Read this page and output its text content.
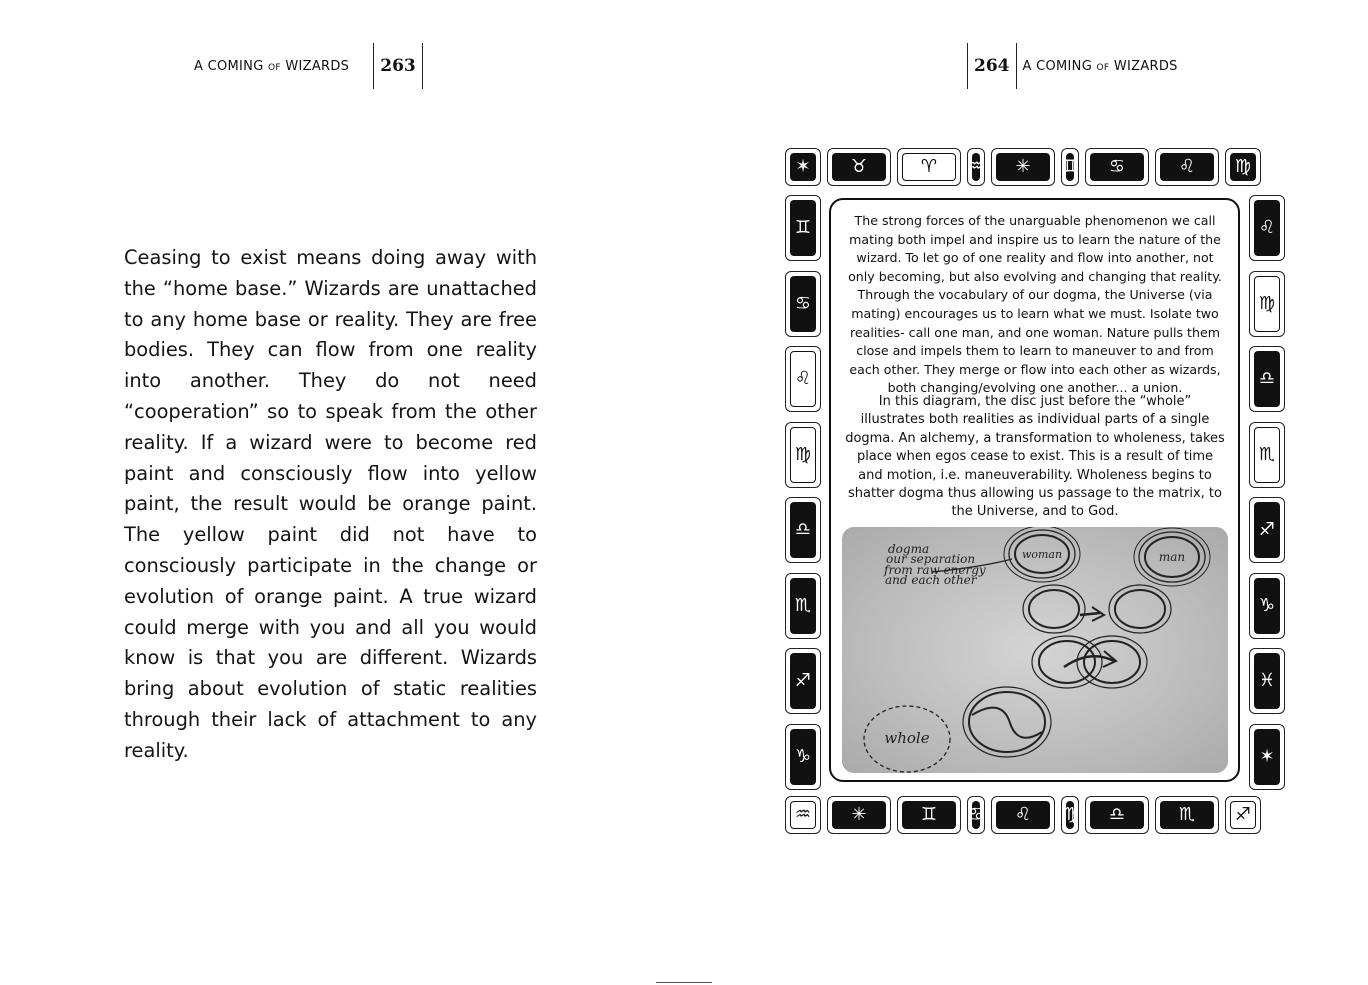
A COMING OF WIZARDS	263

Ceasing to exist means doing away with the “home base.” Wizards are unattached to any home base or reality. They are free bodies. They can flow from one reality into another. They do not need “cooperation” so to speak from the other reality. If a wizard were to become red paint and consciously flow into yellow paint, the result would be orange paint. The yellow paint did not have to consciously participate in the change or evolution of orange paint. A true wizard could merge with you and all you would know is that you are different. Wizards bring about evolution of static realities through their lack of attachment to any reality.

264	A COMING OF WIZARDS
✶	♉	♈	♒	✳	♊	♋	♌	♍
♒	✳	♊	♋	♌	♍	♎	♏	♐
♊	♌
♋	♍
♌	♎
♍	♏
♎	♐
♏	♑
♐	♓
♑	✶

The strong forces of the unarguable phenomenon we call mating both impel and inspire us to learn the nature of the wizard. To let go of one reality and flow into another, not only becoming, but also evolving and changing that reality. Through the vocabulary of our dogma, the Universe (via mating) encourages us to learn what we must. Isolate two realities- call one man, and one woman. Nature pulls them close and impels them to learn to maneuver to and from each other. They merge or flow into each other as wizards, both changing/evolving one another... a union.

In this diagram, the disc just before the “whole” illustrates both realities as individual parts of a single dogma. An alchemy, a transformation to wholeness, takes place when egos cease to exist. This is a result of time and motion, i.e. maneuverability. Wholeness begins to shatter dogma thus allowing us passage to the matrix, to the Universe, and to God.

dogma
our separation
from raw energy
and each other
woman	man
whole
